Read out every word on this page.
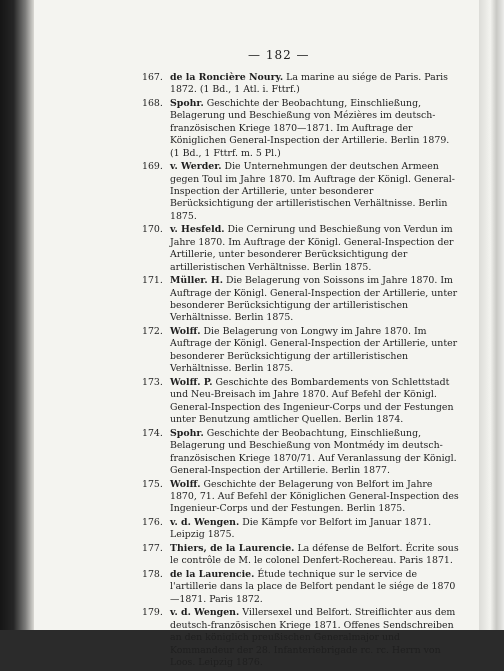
— 182 —
167. de la Roncière Noury. La marine au siége de Paris. Paris 1872. (1 Bd., 1 Atl. i. Fttrf.)
168. Spohr. Geschichte der Beobachtung, Einschließung, Belagerung und Beschießung von Mézières im deutsch-französischen Kriege 1870—1871. Im Auftrage der Königlichen General-Inspection der Artillerie. Berlin 1879. (1 Bd., 1 Fttrf. m. 5 Pl.)
169. v. Werder. Die Unternehmungen der deutschen Armeen gegen Toul im Jahre 1870. Im Auftrage der Königl. General-Inspection der Artillerie, unter besonderer Berücksichtigung der artilleristischen Verhältnisse. Berlin 1875.
170. v. Hesfeld. Die Cernirung und Beschießung von Verdun im Jahre 1870. Im Auftrage der Königl. General-Inspection der Artillerie, unter besonderer Berücksichtigung der artilleristischen Verhältnisse. Berlin 1875.
171. Müller. H. Die Belagerung von Soissons im Jahre 1870. Im Auftrage der Königl. General-Inspection der Artillerie, unter besonderer Berücksichtigung der artilleristischen Verhältnisse. Berlin 1875.
172. Wolff. Die Belagerung von Longwy im Jahre 1870. Im Auftrage der Königl. General-Inspection der Artillerie, unter besonderer Berücksichtigung der artilleristischen Verhältnisse. Berlin 1875.
173. Wolff. P. Geschichte des Bombardements von Schlettstadt und Neu-Breisach im Jahre 1870. Auf Befehl der Königl. General-Inspection des Ingenieur-Corps und der Festungen unter Benutzung amtlicher Quellen. Berlin 1874.
174. Spohr. Geschichte der Beobachtung, Einschließung, Belagerung und Beschießung von Montmédy im deutsch-französischen Kriege 1870/71. Auf Veranlassung der Königl. General-Inspection der Artillerie. Berlin 1877.
175. Wolff. Geschichte der Belagerung von Belfort im Jahre 1870, 71. Auf Befehl der Königlichen General-Inspection des Ingenieur-Corps und der Festungen. Berlin 1875.
176. v. d. Wengen. Die Kämpfe vor Belfort im Januar 1871. Leipzig 1875.
177. Thiers, de la Laurencie. La défense de Belfort. Écrite sous le contrôle de M. le colonel Denfert-Rochereau. Paris 1871.
178. de la Laurencie. Étude technique sur le service de l'artillerie dans la place de Belfort pendant le siége de 1870—1871. Paris 1872.
179. v. d. Wengen. Villersexel und Belfort. Streiflichter aus dem deutsch-französischen Kriege 1871. Offenes Sendschreiben an den königlich preußischen Generalmajor und Kommandeur der 28. Infanteriebrigade rc. rc. Herrn von Loos. Leipzig 1876.
